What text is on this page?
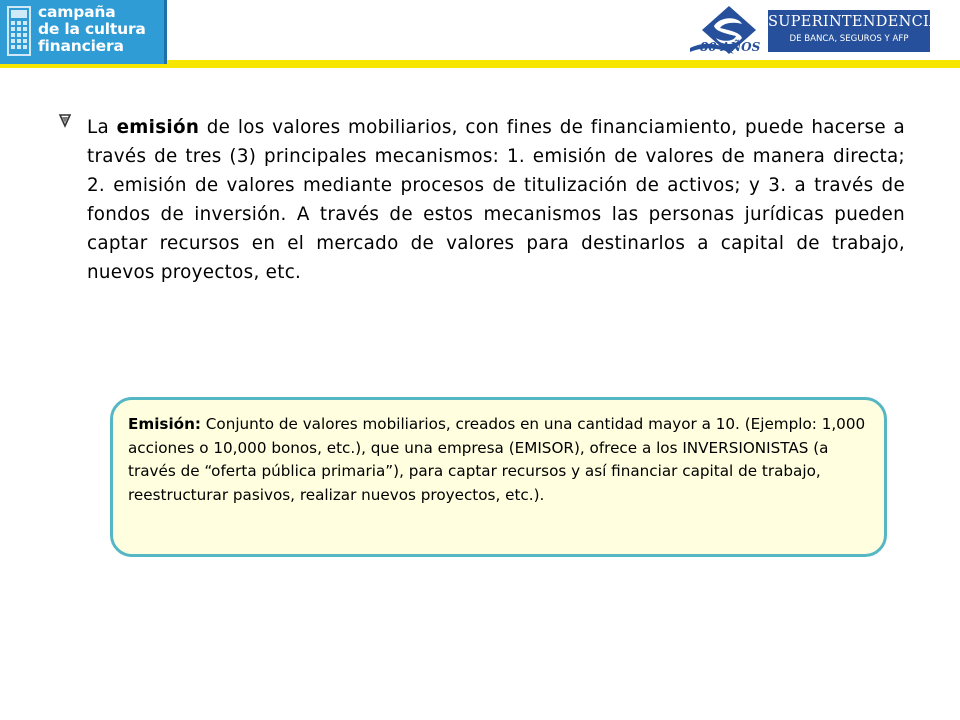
campaña
de la cultura
financiera	80 AÑOS
SUPERINTENDENCIA
DE BANCA, SEGUROS Y AFP
La emisión de los valores mobiliarios, con fines de financiamiento, puede hacerse a través de tres (3) principales mecanismos: 1. emisión de valores de manera directa; 2. emisión de valores mediante procesos de titulización de activos; y 3. a través de fondos de inversión. A través de estos mecanismos las personas jurídicas pueden captar recursos en el mercado de valores para destinarlos a capital de trabajo, nuevos proyectos, etc.
Emisión: Conjunto de valores mobiliarios, creados en una cantidad mayor a 10. (Ejemplo: 1,000 acciones o 10,000 bonos, etc.), que una empresa (EMISOR), ofrece a los INVERSIONISTAS (a través de “oferta pública primaria”), para captar recursos y así financiar capital de trabajo, reestructurar pasivos, realizar nuevos proyectos, etc.).
